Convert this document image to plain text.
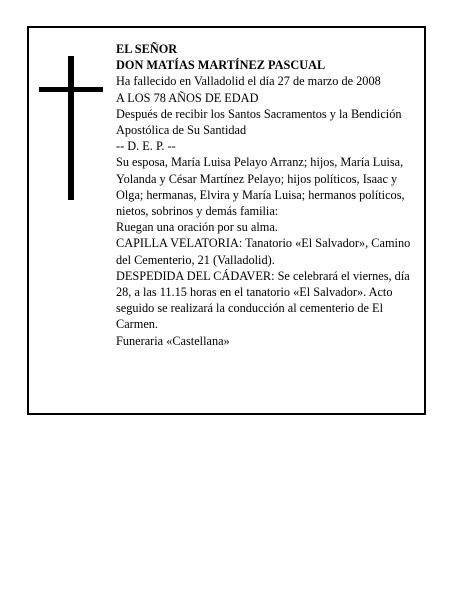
EL SEÑOR

DON MATÍAS MARTÍNEZ PASCUAL

Ha fallecido en Valladolid el día 27 de marzo de 2008

A LOS 78 AÑOS DE EDAD

Después de recibir los Santos Sacramentos y la Bendición Apostólica de Su Santidad

-- D. E. P. --

Su esposa, María Luisa Pelayo Arranz; hijos, María Luisa, Yolanda y César Martínez Pelayo; hijos políticos, Isaac y Olga; hermanas, Elvira y María Luisa; hermanos políticos, nietos, sobrinos y demás familia:

Ruegan una oración por su alma.

CAPILLA VELATORIA: Tanatorio «El Salvador», Camino del Cementerio, 21 (Valladolid).

DESPEDIDA DEL CÁDAVER: Se celebrará el viernes, día 28, a las 11.15 horas en el tanatorio «El Salvador». Acto seguido se realizará la conducción al cementerio de El Carmen.

Funeraria «Castellana»
